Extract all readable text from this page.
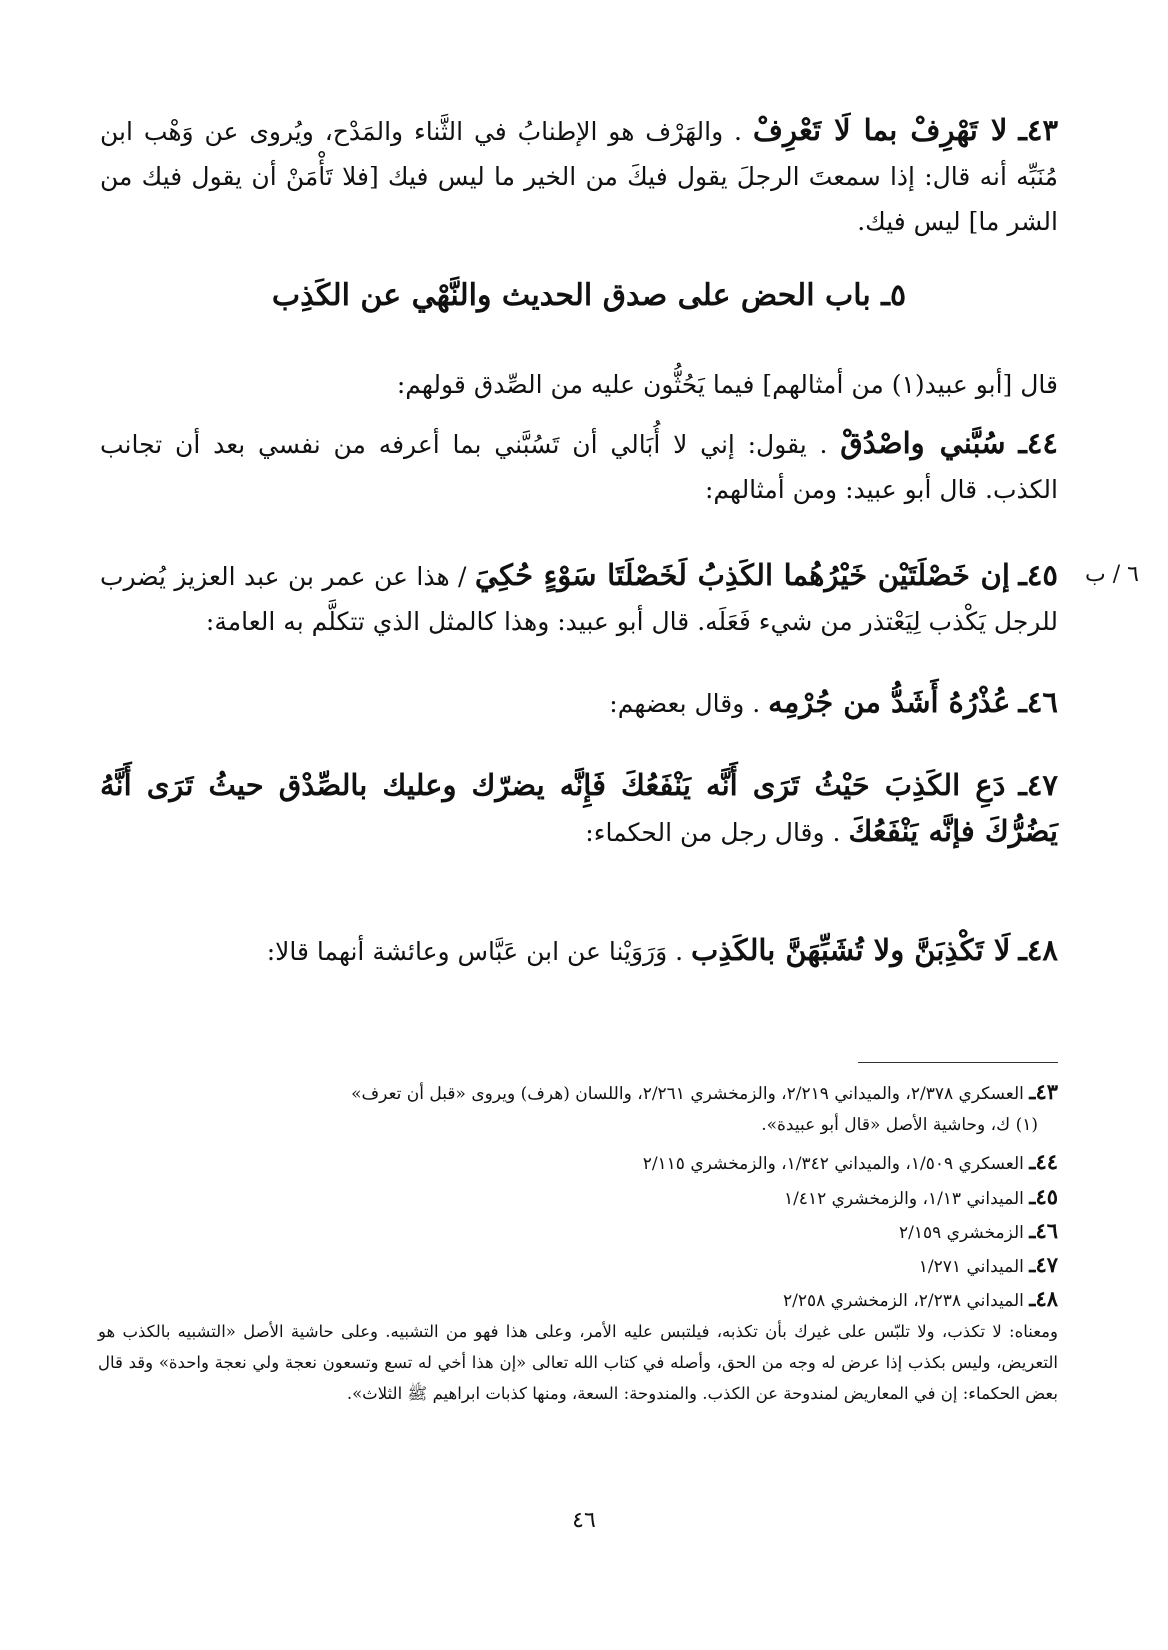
٤٣ـ لا تَهْرِفْ بما لَا تَعْرِفْ . والهَرْف هو الإطنابُ في الثَّناء والمَدْح، ويُروى عن وَهْب ابن مُنَبِّه أنه قال: إذا سمعتَ الرجلَ يقول فيكَ من الخير ما ليس فيك [فلا تَأْمَنْ أن يقول فيك من الشر ما] ليس فيك.
٥ـ باب الحض على صدق الحديث والنَّهْي عن الكَذِب
قال [أبو عبيد(١) من أمثالهم] فيما يَحُثُّون عليه من الصِّدق قولهم:
٤٤ـ سُبَّني واصْدُقْ . يقول: إني لا أُبَالي أن تَسُبَّني بما أعرفه من نفسي بعد أن تجانب الكذب. قال أبو عبيد: ومن أمثالهم:
٦ / ب
٤٥ـ إن خَصْلَتَيْن خَيْرُهُما الكَذِبُ لَخَصْلَتَا سَوْءٍ حُكِيَ / هذا عن عمر بن عبد العزيز يُضرب للرجل يَكْذب لِيَعْتذر من شيء فَعَلَه. قال أبو عبيد: وهذا كالمثل الذي تتكلَّم به العامة:
٤٦ـ عُذْرُهُ أَشَدُّ من جُرْمِه . وقال بعضهم:
٤٧ـ دَعِ الكَذِبَ حَيْثُ تَرَى أَنَّه يَنْفَعُكَ فَإِنَّه يضرّك وعليك بالصِّدْق حيثُ تَرَى أَنَّهُ يَضُرُّكَ فإنَّه يَنْفَعُكَ . وقال رجل من الحكماء:
٤٨ـ لَا تَكْذِبَنَّ ولا تُشَبِّهَنَّ بالكَذِب . وَرَوَيْنا عن ابن عَبَّاس وعائشة أنهما قالا:
٤٣ـ العسكري ٢/٣٧٨، والميداني ٢/٢١٩، والزمخشري ٢/٢٦١، واللسان (هرف) ويروى «قبل أن تعرف»
(١) ك، وحاشية الأصل «قال أبو عبيدة».
٤٤ـ العسكري ١/٥٠٩، والميداني ١/٣٤٢، والزمخشري ٢/١١٥
٤٥ـ الميداني ١/١٣، والزمخشري ١/٤١٢
٤٦ـ الزمخشري ٢/١٥٩
٤٧ـ الميداني ١/٢٧١
٤٨ـ الميداني ٢/٢٣٨، الزمخشري ٢/٢٥٨
ومعناه: لا تكذب، ولا تلبّس على غيرك بأن تكذبه، فيلتبس عليه الأمر، وعلى هذا فهو من التشبيه. وعلى حاشية الأصل «التشبيه بالكذب هو التعريض، وليس بكذب إذا عرض له وجه من الحق، وأصله في كتاب الله تعالى «إن هذا أخي له تسع وتسعون نعجة ولي نعجة واحدة» وقد قال بعض الحكماء: إن في المعاريض لمندوحة عن الكذب. والمندوحة: السعة، ومنها كذبات ابراهيم ﷺ الثلاث».
٤٦
